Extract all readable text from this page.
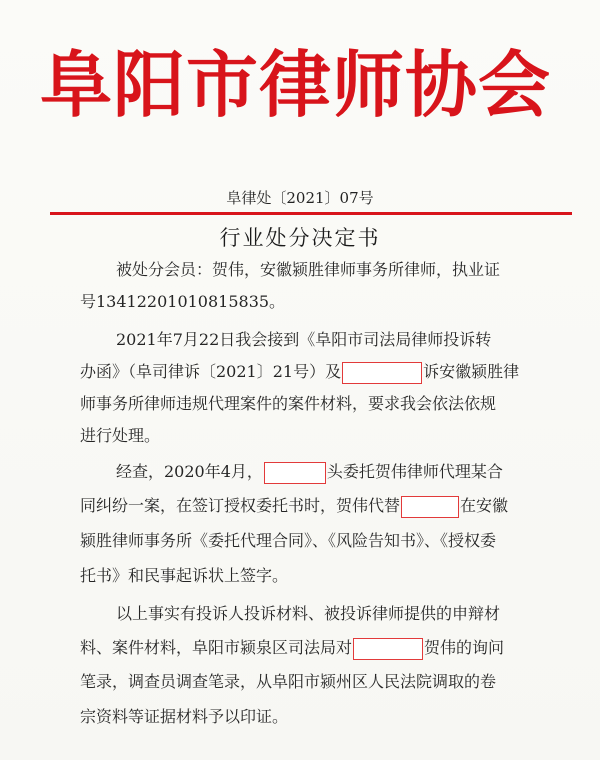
阜阳市律师协会
阜律处〔2021〕07号
行业处分决定书
被处分会员：贺伟，安徽颍胜律师事务所律师，执业证
号13412201010815835。
2021年7月22日我会接到《阜阳市司法局律师投诉转
办函》（阜司律诉〔2021〕21号）及	诉安徽颍胜律
师事务所律师违规代理案件的案件材料，要求我会依法依规
进行处理。
经查，2020年4月，	头委托贺伟律师代理某合
同纠纷一案，在签订授权委托书时，贺伟代替	在安徽
颍胜律师事务所《委托代理合同》、《风险告知书》、《授权委
托书》和民事起诉状上签字。
以上事实有投诉人投诉材料、被投诉律师提供的申辩材
料、案件材料，阜阳市颍泉区司法局对	贺伟的询问
笔录，调查员调查笔录，从阜阳市颍州区人民法院调取的卷
宗资料等证据材料予以印证。
